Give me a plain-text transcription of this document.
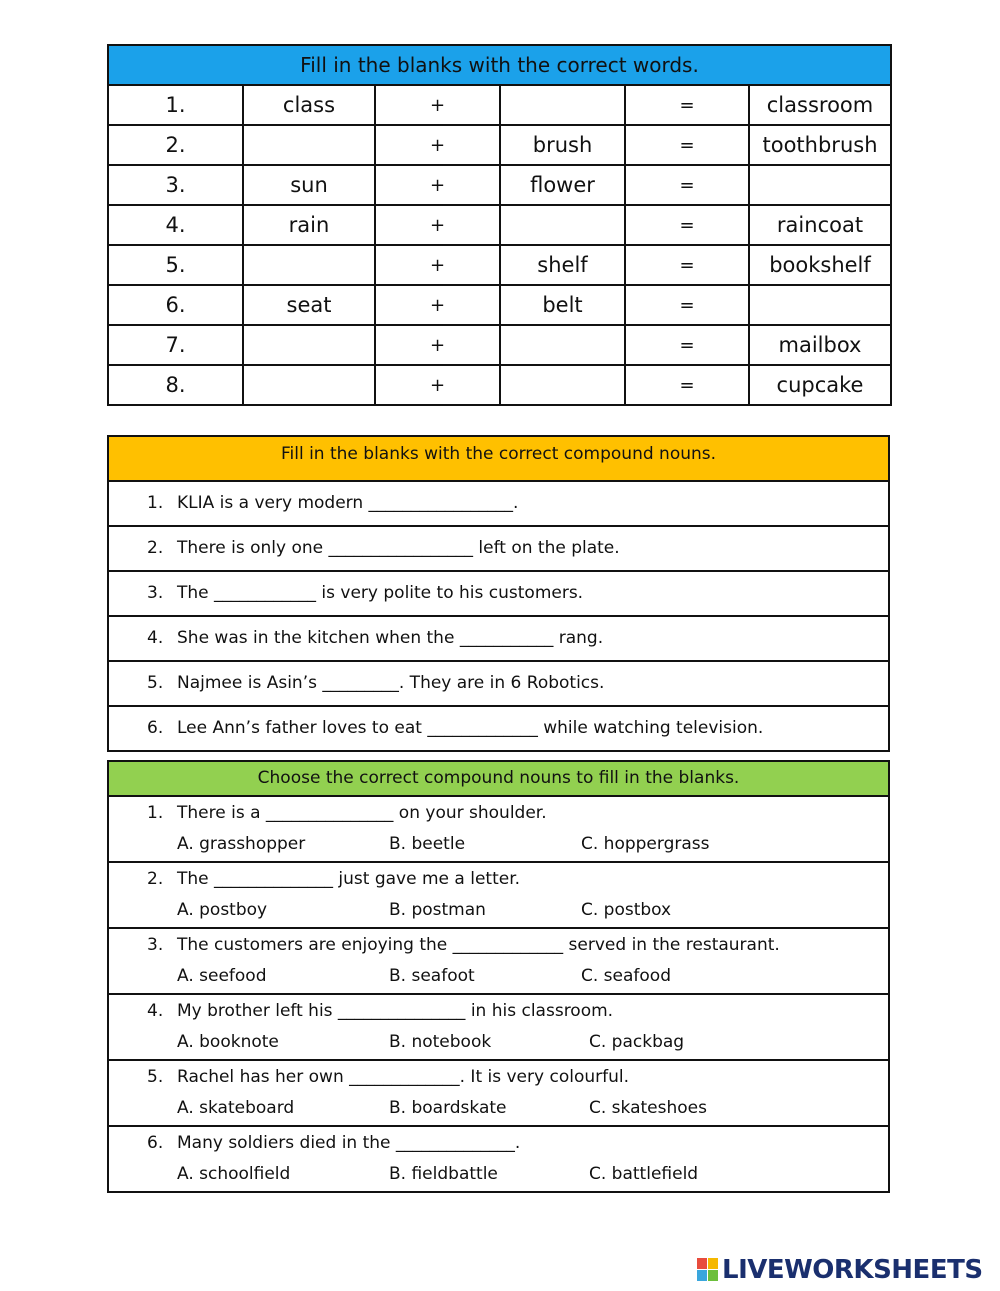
Fill in the blanks with the correct words.					
1.	class	+		=	classroom
2.		+	brush	=	toothbrush
3.	sun	+	flower	=	
4.	rain	+		=	raincoat
5.		+	shelf	=	bookshelf
6.	seat	+	belt	=	
7.		+		=	mailbox
8.		+		=	cupcake
Fill in the blanks with the correct compound nouns.
1. KLIA is a very modern _________________.
2. There is only one _________________ left on the plate.
3. The ____________ is very polite to his customers.
4. She was in the kitchen when the ___________ rang.
5. Najmee is Asin’s _________. They are in 6 Robotics.
6. Lee Ann’s father loves to eat _____________ while watching television.
Choose the correct compound nouns to fill in the blanks.
1. There is a _______________ on your shoulder.
A. grasshopper	B. beetle	C. hoppergrass
2. The ______________ just gave me a letter.
A. postboy	B. postman	C. postbox
3. The customers are enjoying the _____________ served in the restaurant.
A. seefood	B. seafoot	C. seafood
4. My brother left his _______________ in his classroom.
A. booknote	B. notebook	C. packbag
5. Rachel has her own _____________. It is very colourful.
A. skateboard	B. boardskate	C. skateshoes
6. Many soldiers died in the ______________.
A. schoolfield	B. fieldbattle	C. battlefield
LIVEWORKSHEETS
